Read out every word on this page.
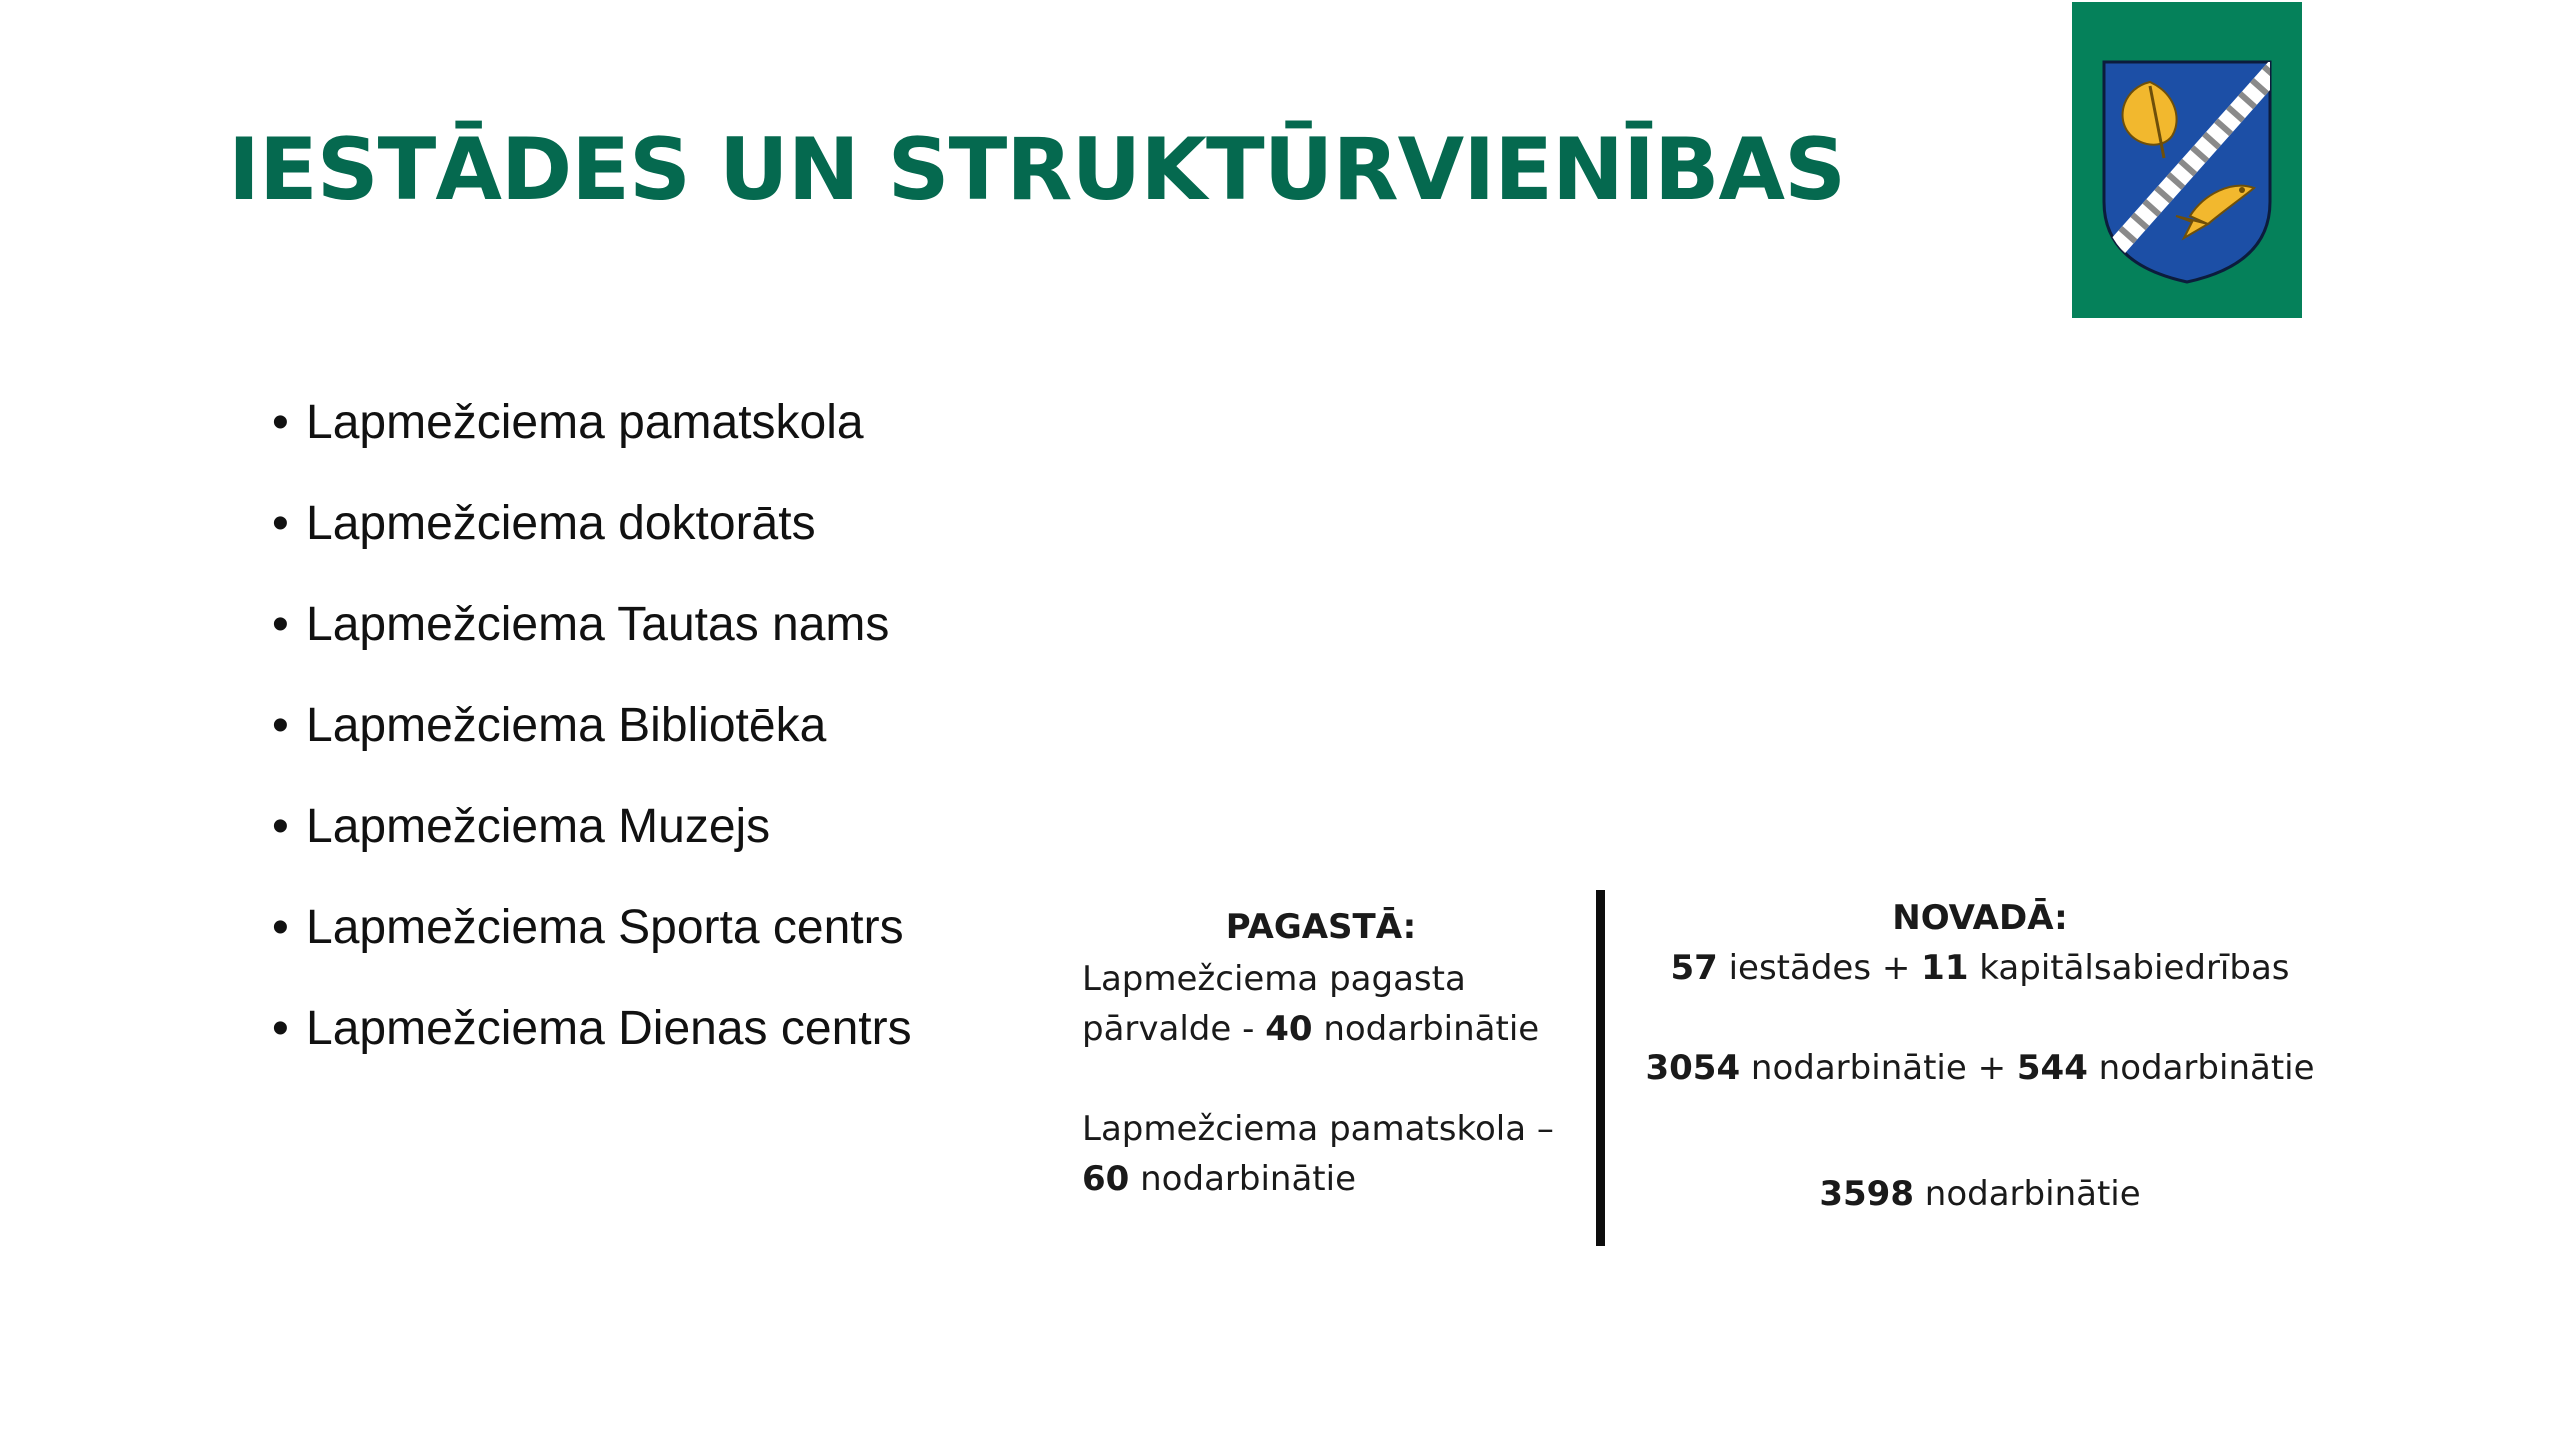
IESTĀDES UN STRUKTŪRVIENĪBAS
• Lapmežciema pamatskola
• Lapmežciema doktorāts
• Lapmežciema Tautas nams
• Lapmežciema Bibliotēka
• Lapmežciema Muzejs
• Lapmežciema Sporta centrs
• Lapmežciema Dienas centrs

PAGASTĀ:

Lapmežciema pagasta
pārvalde - 40 nodarbinātie

Lapmežciema pamatskola –
60 nodarbinātie

NOVADĀ:

57 iestādes + 11 kapitālsabiedrības

3054 nodarbinātie + 544 nodarbinātie

3598 nodarbinātie
